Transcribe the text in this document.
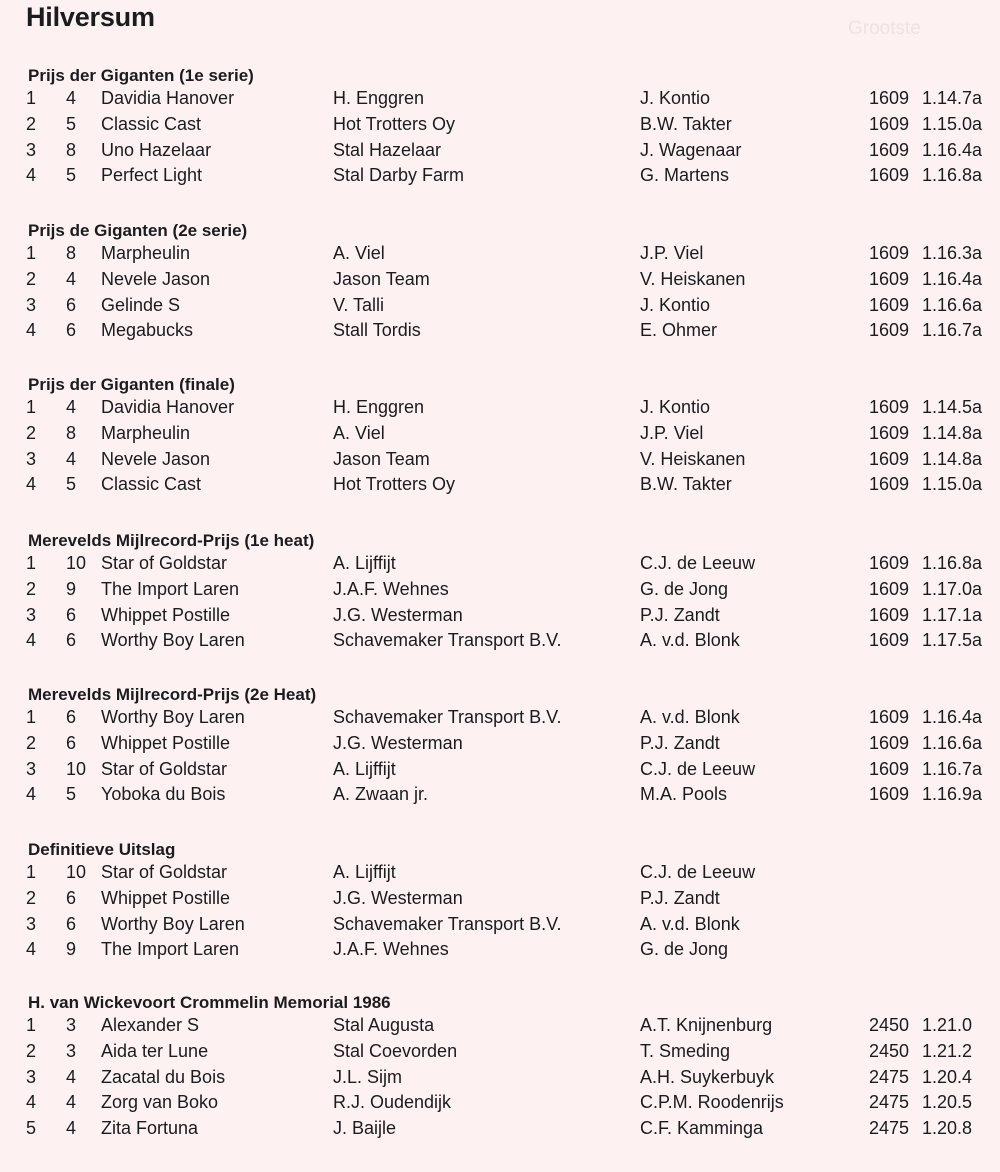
Hilversum	Grootste
Prijs der Giganten (1e serie)
1 4 Davidia Hanover	H. Enggren	J. Kontio	1609 1.14.7a
2 5 Classic Cast	Hot Trotters Oy	B.W. Takter	1609 1.15.0a
3 8 Uno Hazelaar	Stal Hazelaar	J. Wagenaar	1609 1.16.4a
4 5 Perfect Light	Stal Darby Farm	G. Martens	1609 1.16.8a
Prijs de Giganten (2e serie)
1 8 Marpheulin	A. Viel	J.P. Viel	1609 1.16.3a
2 4 Nevele Jason	Jason Team	V. Heiskanen	1609 1.16.4a
3 6 Gelinde S	V. Talli	J. Kontio	1609 1.16.6a
4 6 Megabucks	Stall Tordis	E. Ohmer	1609 1.16.7a
Prijs der Giganten (finale)
1 4 Davidia Hanover	H. Enggren	J. Kontio	1609 1.14.5a
2 8 Marpheulin	A. Viel	J.P. Viel	1609 1.14.8a
3 4 Nevele Jason	Jason Team	V. Heiskanen	1609 1.14.8a
4 5 Classic Cast	Hot Trotters Oy	B.W. Takter	1609 1.15.0a
Merevelds Mijlrecord-Prijs (1e heat)
1 10 Star of Goldstar	A. Lijffijt	C.J. de Leeuw	1609 1.16.8a
2 9 The Import Laren	J.A.F. Wehnes	G. de Jong	1609 1.17.0a
3 6 Whippet Postille	J.G. Westerman	P.J. Zandt	1609 1.17.1a
4 6 Worthy Boy Laren	Schavemaker Transport B.V.	A. v.d. Blonk	1609 1.17.5a
Merevelds Mijlrecord-Prijs (2e Heat)
1 6 Worthy Boy Laren	Schavemaker Transport B.V.	A. v.d. Blonk	1609 1.16.4a
2 6 Whippet Postille	J.G. Westerman	P.J. Zandt	1609 1.16.6a
3 10 Star of Goldstar	A. Lijffijt	C.J. de Leeuw	1609 1.16.7a
4 5 Yoboka du Bois	A. Zwaan jr.	M.A. Pools	1609 1.16.9a
Definitieve Uitslag
1 10 Star of Goldstar	A. Lijffijt	C.J. de Leeuw
2 6 Whippet Postille	J.G. Westerman	P.J. Zandt
3 6 Worthy Boy Laren	Schavemaker Transport B.V.	A. v.d. Blonk
4 9 The Import Laren	J.A.F. Wehnes	G. de Jong
H. van Wickevoort Crommelin Memorial 1986
1 3 Alexander S	Stal Augusta	A.T. Knijnenburg	2450 1.21.0
2 3 Aida ter Lune	Stal Coevorden	T. Smeding	2450 1.21.2
3 4 Zacatal du Bois	J.L. Sijm	A.H. Suykerbuyk	2475 1.20.4
4 4 Zorg van Boko	R.J. Oudendijk	C.P.M. Roodenrijs	2475 1.20.5
5 4 Zita Fortuna	J. Baijle	C.F. Kamminga	2475 1.20.8
